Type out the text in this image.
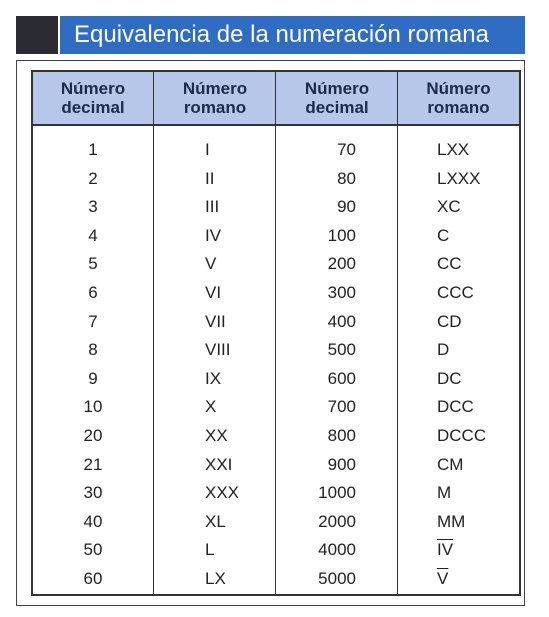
Equivalencia de la numeración romana
Número
decimal
Número
romano
Número
decimal
Número
romano
1
2
3
4
5
6
7
8
9
10
20
21
30
40
50
60
I
II
III
IV
V
VI
VII
VIII
IX
X
XX
XXI
XXX
XL
L
LX
70
80
90
100
200
300
400
500
600
700
800
900
1000
2000
4000
5000
LXX
LXXX
XC
C
CC
CCC
CD
D
DC
DCC
DCCC
CM
M
MM
$\overline{IV}$
$\overline{V}$
